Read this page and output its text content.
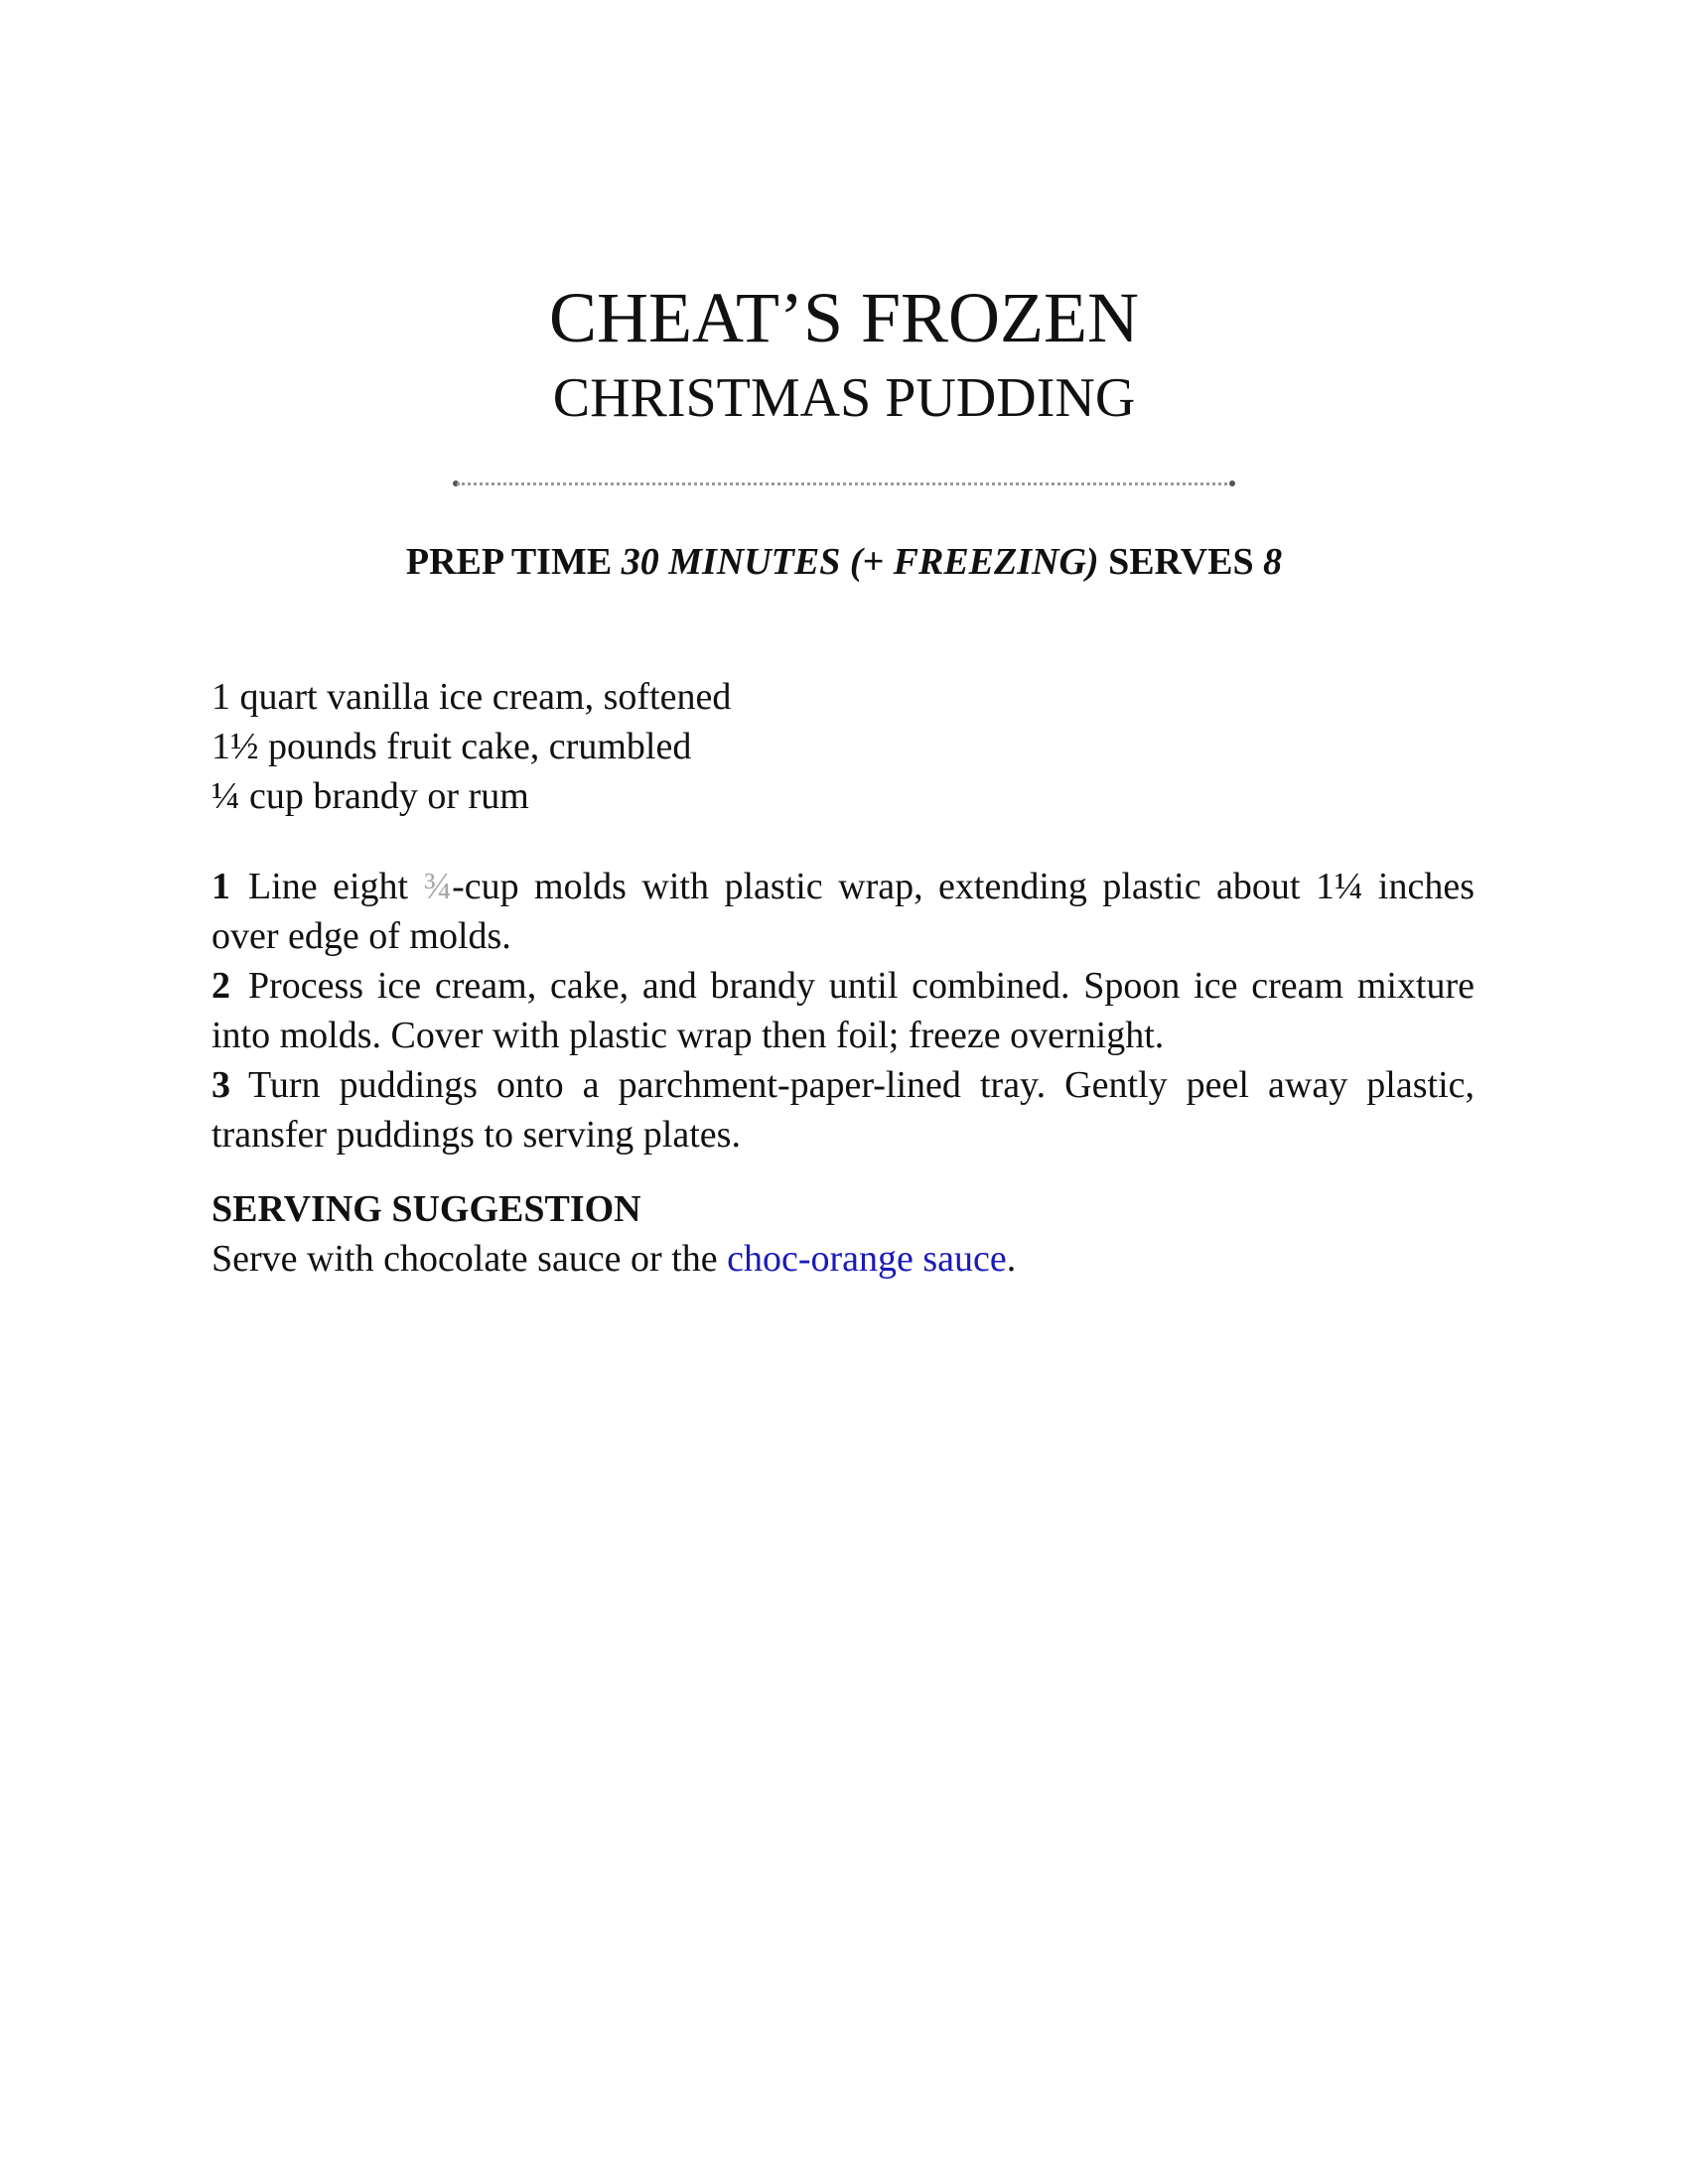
CHEAT’S FROZEN
CHRISTMAS PUDDING
PREP TIME 30 MINUTES (+ FREEZING) SERVES 8
1 quart vanilla ice cream, softened
1½ pounds fruit cake, crumbled
¼ cup brandy or rum
1 Line eight ¾-cup molds with plastic wrap, extending plastic about 1¼ inches over edge of molds.
2 Process ice cream, cake, and brandy until combined. Spoon ice cream mixture into molds. Cover with plastic wrap then foil; freeze overnight.
3 Turn puddings onto a parchment-paper-lined tray. Gently peel away plastic, transfer puddings to serving plates.

SERVING SUGGESTION

Serve with chocolate sauce or the choc-orange sauce.
